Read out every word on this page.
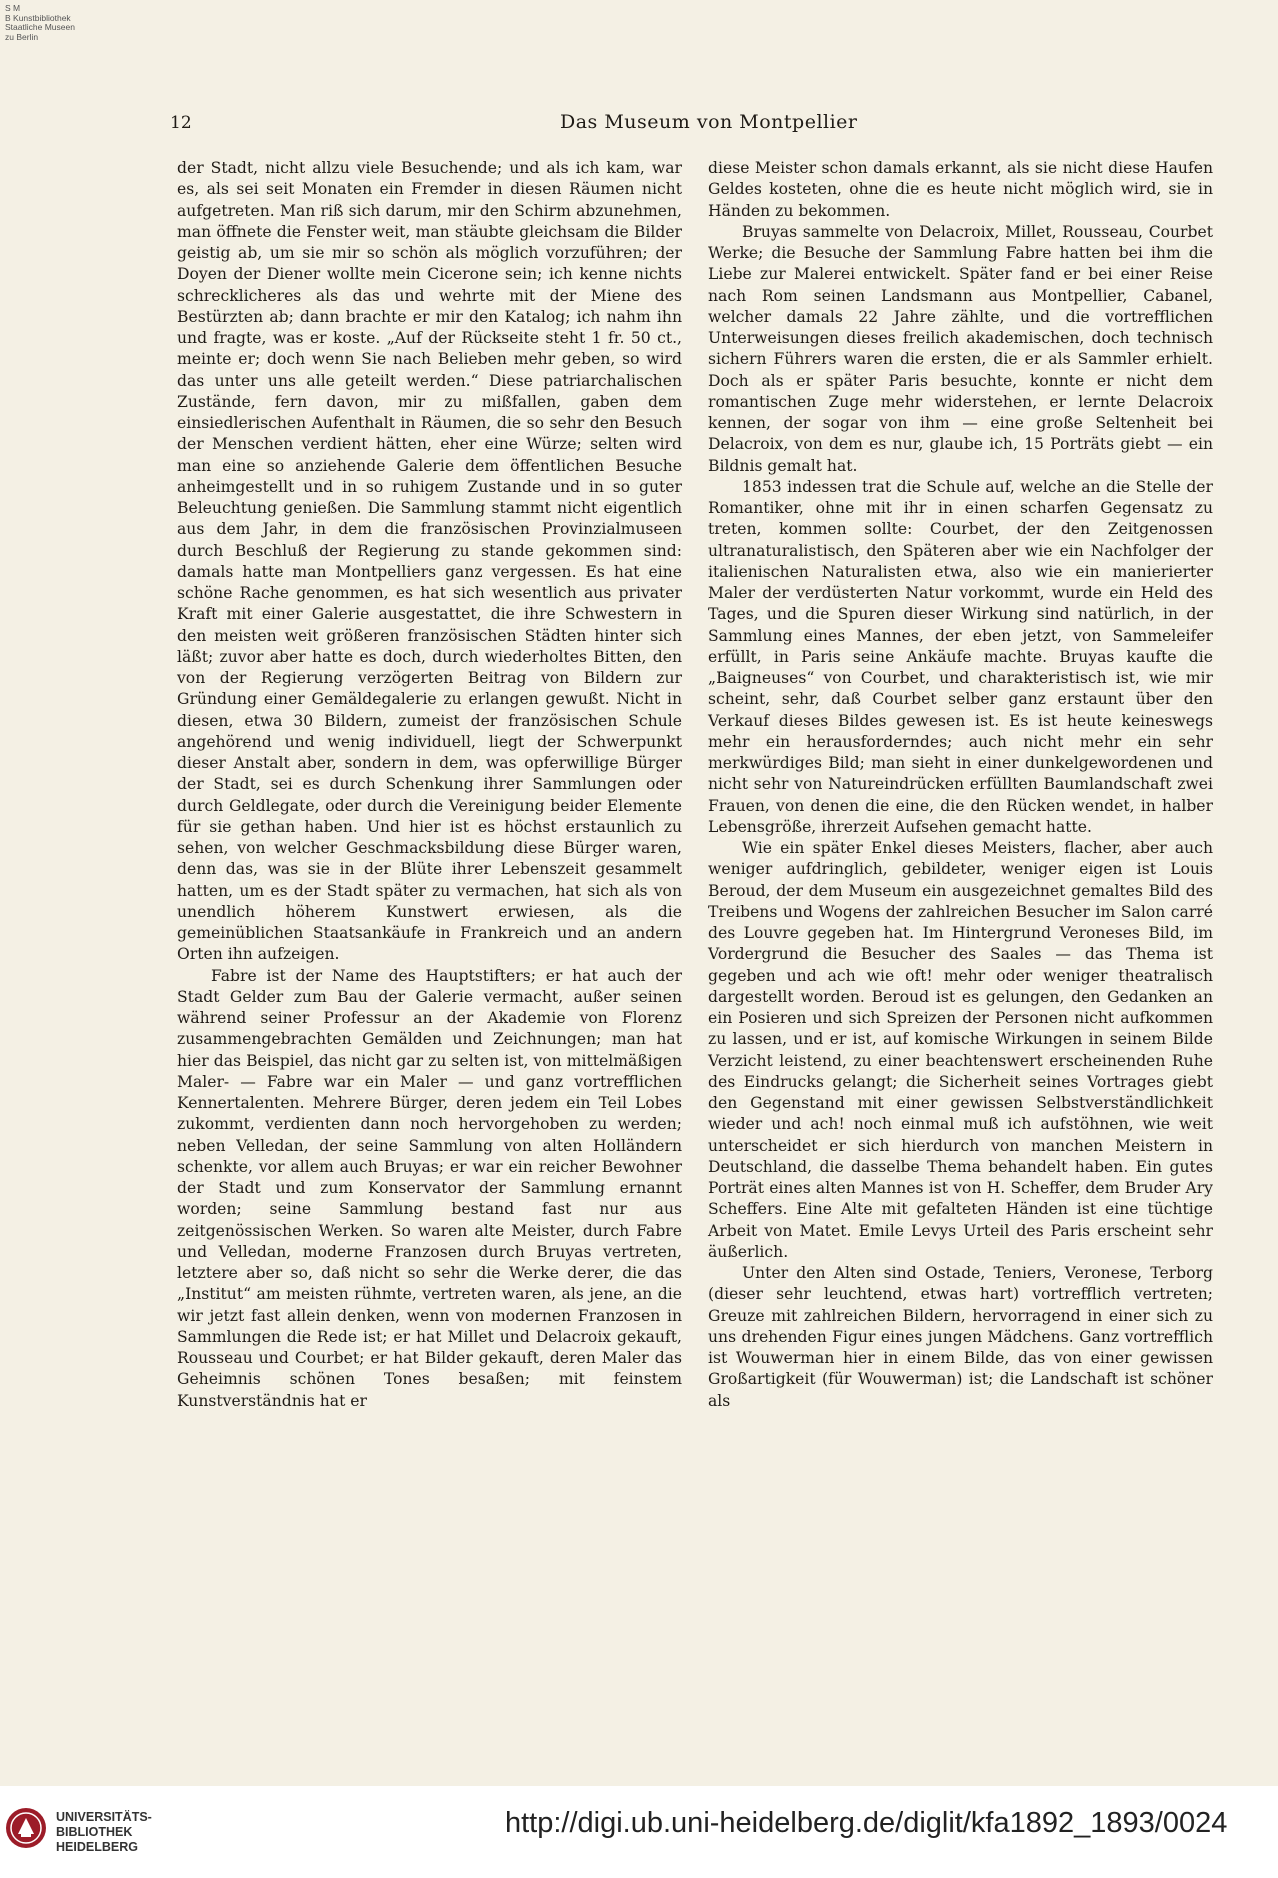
S M
B Kunstbibliothek
Staatliche Museen
zu Berlin
12	Das Museum von Montpellier

der Stadt, nicht allzu viele Besuchende; und als ich kam, war es, als sei seit Monaten ein Fremder in diesen Räumen nicht aufgetreten. Man riß sich darum, mir den Schirm abzunehmen, man öffnete die Fenster weit, man stäubte gleichsam die Bilder geistig ab, um sie mir so schön als möglich vorzuführen; der Doyen der Diener wollte mein Cicerone sein; ich kenne nichts schrecklicheres als das und wehrte mit der Miene des Bestürzten ab; dann brachte er mir den Katalog; ich nahm ihn und fragte, was er koste. „Auf der Rückseite steht 1 fr. 50 ct., meinte er; doch wenn Sie nach Belieben mehr geben, so wird das unter uns alle geteilt werden.“ Diese patriarchalischen Zustände, fern davon, mir zu mißfallen, gaben dem einsiedlerischen Aufenthalt in Räumen, die so sehr den Besuch der Menschen verdient hätten, eher eine Würze; selten wird man eine so anziehende Galerie dem öffentlichen Besuche anheimgestellt und in so ruhigem Zustande und in so guter Beleuchtung genießen. Die Sammlung stammt nicht eigentlich aus dem Jahr, in dem die französischen Provinzialmuseen durch Beschluß der Regierung zu stande gekommen sind: damals hatte man Montpelliers ganz vergessen. Es hat eine schöne Rache genommen, es hat sich wesentlich aus privater Kraft mit einer Galerie ausgestattet, die ihre Schwestern in den meisten weit größeren französischen Städten hinter sich läßt; zuvor aber hatte es doch, durch wiederholtes Bitten, den von der Regierung verzögerten Beitrag von Bildern zur Gründung einer Gemäldegalerie zu erlangen gewußt. Nicht in diesen, etwa 30 Bildern, zumeist der französischen Schule angehörend und wenig individuell, liegt der Schwerpunkt dieser Anstalt aber, sondern in dem, was opferwillige Bürger der Stadt, sei es durch Schenkung ihrer Sammlungen oder durch Geldlegate, oder durch die Vereinigung beider Elemente für sie gethan haben. Und hier ist es höchst erstaunlich zu sehen, von welcher Geschmacksbildung diese Bürger waren, denn das, was sie in der Blüte ihrer Lebenszeit gesammelt hatten, um es der Stadt später zu vermachen, hat sich als von unendlich höherem Kunstwert erwiesen, als die gemeinüblichen Staatsankäufe in Frankreich und an andern Orten ihn aufzeigen.

Fabre ist der Name des Hauptstifters; er hat auch der Stadt Gelder zum Bau der Galerie vermacht, außer seinen während seiner Professur an der Akademie von Florenz zusammengebrachten Gemälden und Zeichnungen; man hat hier das Beispiel, das nicht gar zu selten ist, von mittelmäßigen Maler- — Fabre war ein Maler — und ganz vortrefflichen Kennertalenten. Mehrere Bürger, deren jedem ein Teil Lobes zukommt, verdienten dann noch hervorgehoben zu werden; neben Velledan, der seine Sammlung von alten Holländern schenkte, vor allem auch Bruyas; er war ein reicher Bewohner der Stadt und zum Konservator der Sammlung ernannt worden; seine Sammlung bestand fast nur aus zeitgenössischen Werken. So waren alte Meister, durch Fabre und Velledan, moderne Franzosen durch Bruyas vertreten, letztere aber so, daß nicht so sehr die Werke derer, die das „Institut“ am meisten rühmte, vertreten waren, als jene, an die wir jetzt fast allein denken, wenn von modernen Franzosen in Sammlungen die Rede ist; er hat Millet und Delacroix gekauft, Rousseau und Courbet; er hat Bilder gekauft, deren Maler das Geheimnis schönen Tones besaßen; mit feinstem Kunstverständnis hat er

diese Meister schon damals erkannt, als sie nicht diese Haufen Geldes kosteten, ohne die es heute nicht möglich wird, sie in Händen zu bekommen.

Bruyas sammelte von Delacroix, Millet, Rousseau, Courbet Werke; die Besuche der Sammlung Fabre hatten bei ihm die Liebe zur Malerei entwickelt. Später fand er bei einer Reise nach Rom seinen Landsmann aus Montpellier, Cabanel, welcher damals 22 Jahre zählte, und die vortrefflichen Unterweisungen dieses freilich akademischen, doch technisch sichern Führers waren die ersten, die er als Sammler erhielt. Doch als er später Paris besuchte, konnte er nicht dem romantischen Zuge mehr widerstehen, er lernte Delacroix kennen, der sogar von ihm — eine große Seltenheit bei Delacroix, von dem es nur, glaube ich, 15 Porträts giebt — ein Bildnis gemalt hat.

1853 indessen trat die Schule auf, welche an die Stelle der Romantiker, ohne mit ihr in einen scharfen Gegensatz zu treten, kommen sollte: Courbet, der den Zeitgenossen ultranaturalistisch, den Späteren aber wie ein Nachfolger der italienischen Naturalisten etwa, also wie ein manierierter Maler der verdüsterten Natur vorkommt, wurde ein Held des Tages, und die Spuren dieser Wirkung sind natürlich, in der Sammlung eines Mannes, der eben jetzt, von Sammeleifer erfüllt, in Paris seine Ankäufe machte. Bruyas kaufte die „Baigneuses“ von Courbet, und charakteristisch ist, wie mir scheint, sehr, daß Courbet selber ganz erstaunt über den Verkauf dieses Bildes gewesen ist. Es ist heute keineswegs mehr ein herausforderndes; auch nicht mehr ein sehr merkwürdiges Bild; man sieht in einer dunkelgewordenen und nicht sehr von Natureindrücken erfüllten Baumlandschaft zwei Frauen, von denen die eine, die den Rücken wendet, in halber Lebensgröße, ihrerzeit Aufsehen gemacht hatte.

Wie ein später Enkel dieses Meisters, flacher, aber auch weniger aufdringlich, gebildeter, weniger eigen ist Louis Beroud, der dem Museum ein ausgezeichnet gemaltes Bild des Treibens und Wogens der zahlreichen Besucher im Salon carré des Louvre gegeben hat. Im Hintergrund Veroneses Bild, im Vordergrund die Besucher des Saales — das Thema ist gegeben und ach wie oft! mehr oder weniger theatralisch dargestellt worden. Beroud ist es gelungen, den Gedanken an ein Posieren und sich Spreizen der Personen nicht aufkommen zu lassen, und er ist, auf komische Wirkungen in seinem Bilde Verzicht leistend, zu einer beachtenswert erscheinenden Ruhe des Eindrucks gelangt; die Sicherheit seines Vortrages giebt den Gegenstand mit einer gewissen Selbstverständlichkeit wieder und ach! noch einmal muß ich aufstöhnen, wie weit unterscheidet er sich hierdurch von manchen Meistern in Deutschland, die dasselbe Thema behandelt haben. Ein gutes Porträt eines alten Mannes ist von H. Scheffer, dem Bruder Ary Scheffers. Eine Alte mit gefalteten Händen ist eine tüchtige Arbeit von Matet. Emile Levys Urteil des Paris erscheint sehr äußerlich.

Unter den Alten sind Ostade, Teniers, Veronese, Terborg (dieser sehr leuchtend, etwas hart) vortrefflich vertreten; Greuze mit zahlreichen Bildern, hervorragend in einer sich zu uns drehenden Figur eines jungen Mädchens. Ganz vortrefflich ist Wouwerman hier in einem Bilde, das von einer gewissen Großartigkeit (für Wouwerman) ist; die Landschaft ist schöner als

UNIVERSITÄTS-
BIBLIOTHEK
HEIDELBERG
http://digi.ub.uni-heidelberg.de/diglit/kfa1892_1893/0024
